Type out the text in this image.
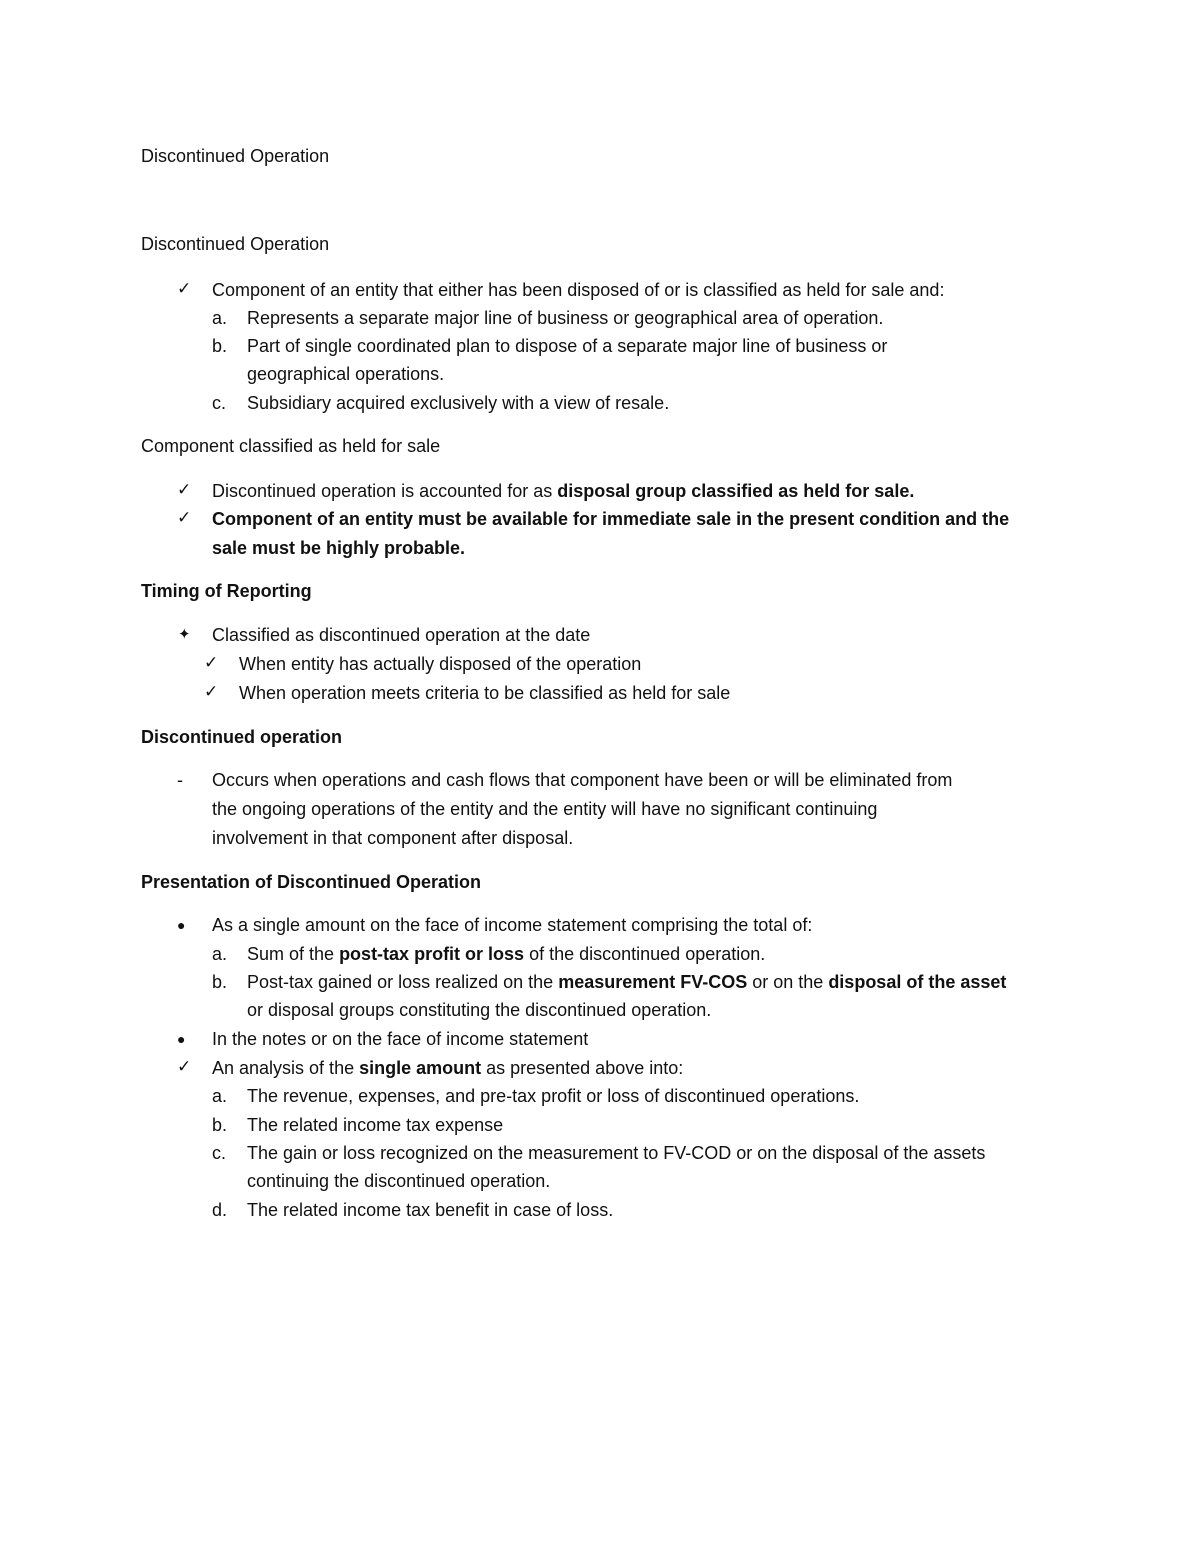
Discontinued Operation
Discontinued Operation
✓ Component of an entity that either has been disposed of or is classified as held for sale and:
a. Represents a separate major line of business or geographical area of operation.
b. Part of single coordinated plan to dispose of a separate major line of business or
geographical operations.
c. Subsidiary acquired exclusively with a view of resale.
Component classified as held for sale
✓ Discontinued operation is accounted for as disposal group classified as held for sale.
✓ Component of an entity must be available for immediate sale in the present condition and the
sale must be highly probable.
Timing of Reporting
✦ Classified as discontinued operation at the date
✓ When entity has actually disposed of the operation
✓ When operation meets criteria to be classified as held for sale
Discontinued operation
- Occurs when operations and cash flows that component have been or will be eliminated from
the ongoing operations of the entity and the entity will have no significant continuing
involvement in that component after disposal.
Presentation of Discontinued Operation
● As a single amount on the face of income statement comprising the total of:
a. Sum of the post-tax profit or loss of the discontinued operation.
b. Post-tax gained or loss realized on the measurement FV-COS or on the disposal of the asset
or disposal groups constituting the discontinued operation.
● In the notes or on the face of income statement
✓ An analysis of the single amount as presented above into:
a. The revenue, expenses, and pre-tax profit or loss of discontinued operations.
b. The related income tax expense
c. The gain or loss recognized on the measurement to FV-COD or on the disposal of the assets
continuing the discontinued operation.
d. The related income tax benefit in case of loss.
